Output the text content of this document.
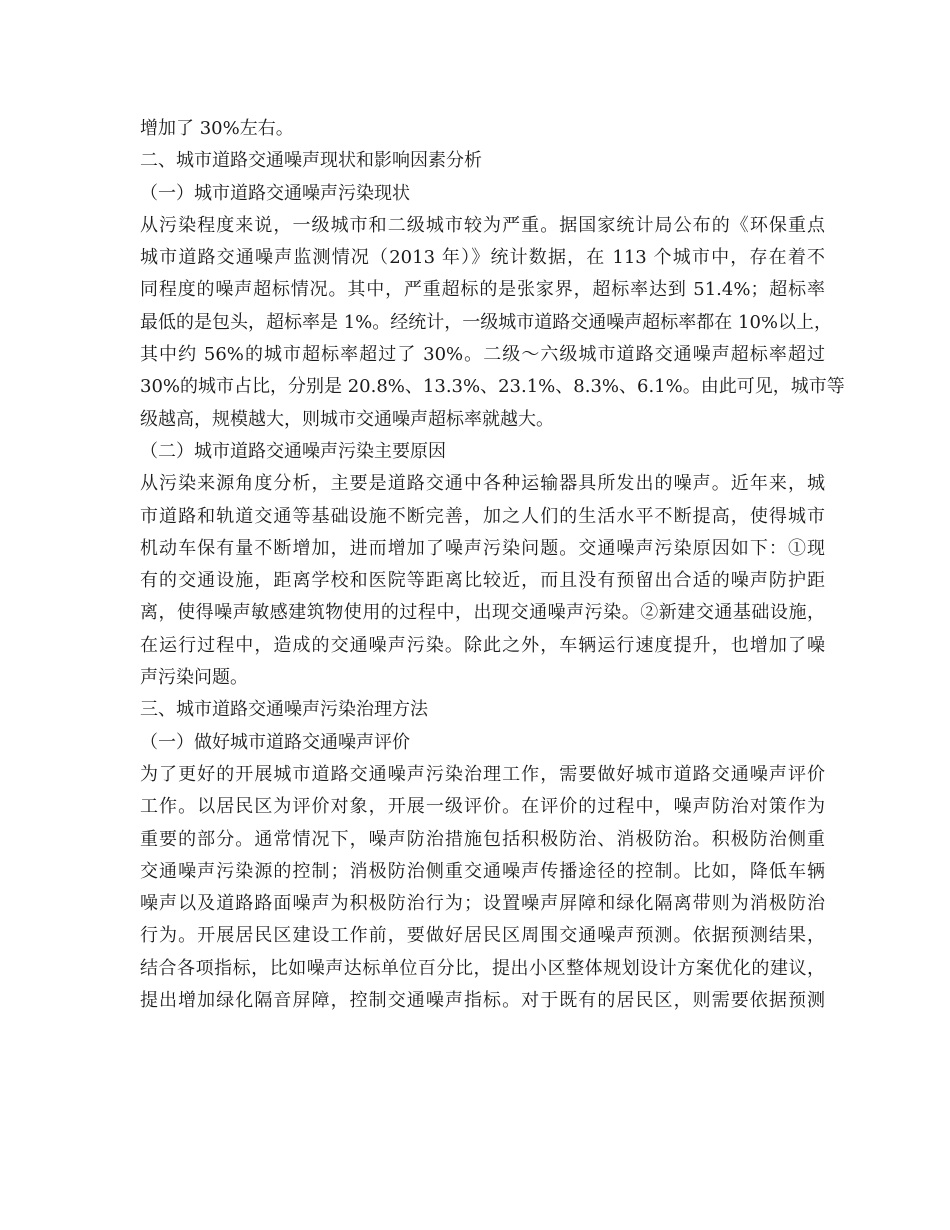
增加了 30%左右。
二、城市道路交通噪声现状和影响因素分析
（一）城市道路交通噪声污染现状
从污染程度来说，一级城市和二级城市较为严重。据国家统计局公布的《环保重点
城市道路交通噪声监测情况（2013 年）》统计数据，在 113 个城市中，存在着不
同程度的噪声超标情况。其中，严重超标的是张家界，超标率达到 51.4%；超标率
最低的是包头，超标率是 1%。经统计，一级城市道路交通噪声超标率都在 10%以上，
其中约 56%的城市超标率超过了 30%。二级～六级城市道路交通噪声超标率超过
30%的城市占比，分别是 20.8%、13.3%、23.1%、8.3%、6.1%。由此可见，城市等
级越高，规模越大，则城市交通噪声超标率就越大。
（二）城市道路交通噪声污染主要原因
从污染来源角度分析，主要是道路交通中各种运输器具所发出的噪声。近年来，城
市道路和轨道交通等基础设施不断完善，加之人们的生活水平不断提高，使得城市
机动车保有量不断增加，进而增加了噪声污染问题。交通噪声污染原因如下：①现
有的交通设施，距离学校和医院等距离比较近，而且没有预留出合适的噪声防护距
离，使得噪声敏感建筑物使用的过程中，出现交通噪声污染。②新建交通基础设施，
在运行过程中，造成的交通噪声污染。除此之外，车辆运行速度提升，也增加了噪
声污染问题。
三、城市道路交通噪声污染治理方法
（一）做好城市道路交通噪声评价
为了更好的开展城市道路交通噪声污染治理工作，需要做好城市道路交通噪声评价
工作。以居民区为评价对象，开展一级评价。在评价的过程中，噪声防治对策作为
重要的部分。通常情况下，噪声防治措施包括积极防治、消极防治。积极防治侧重
交通噪声污染源的控制；消极防治侧重交通噪声传播途径的控制。比如，降低车辆
噪声以及道路路面噪声为积极防治行为；设置噪声屏障和绿化隔离带则为消极防治
行为。开展居民区建设工作前，要做好居民区周围交通噪声预测。依据预测结果，
结合各项指标，比如噪声达标单位百分比，提出小区整体规划设计方案优化的建议，
提出增加绿化隔音屏障，控制交通噪声指标。对于既有的居民区，则需要依据预测
